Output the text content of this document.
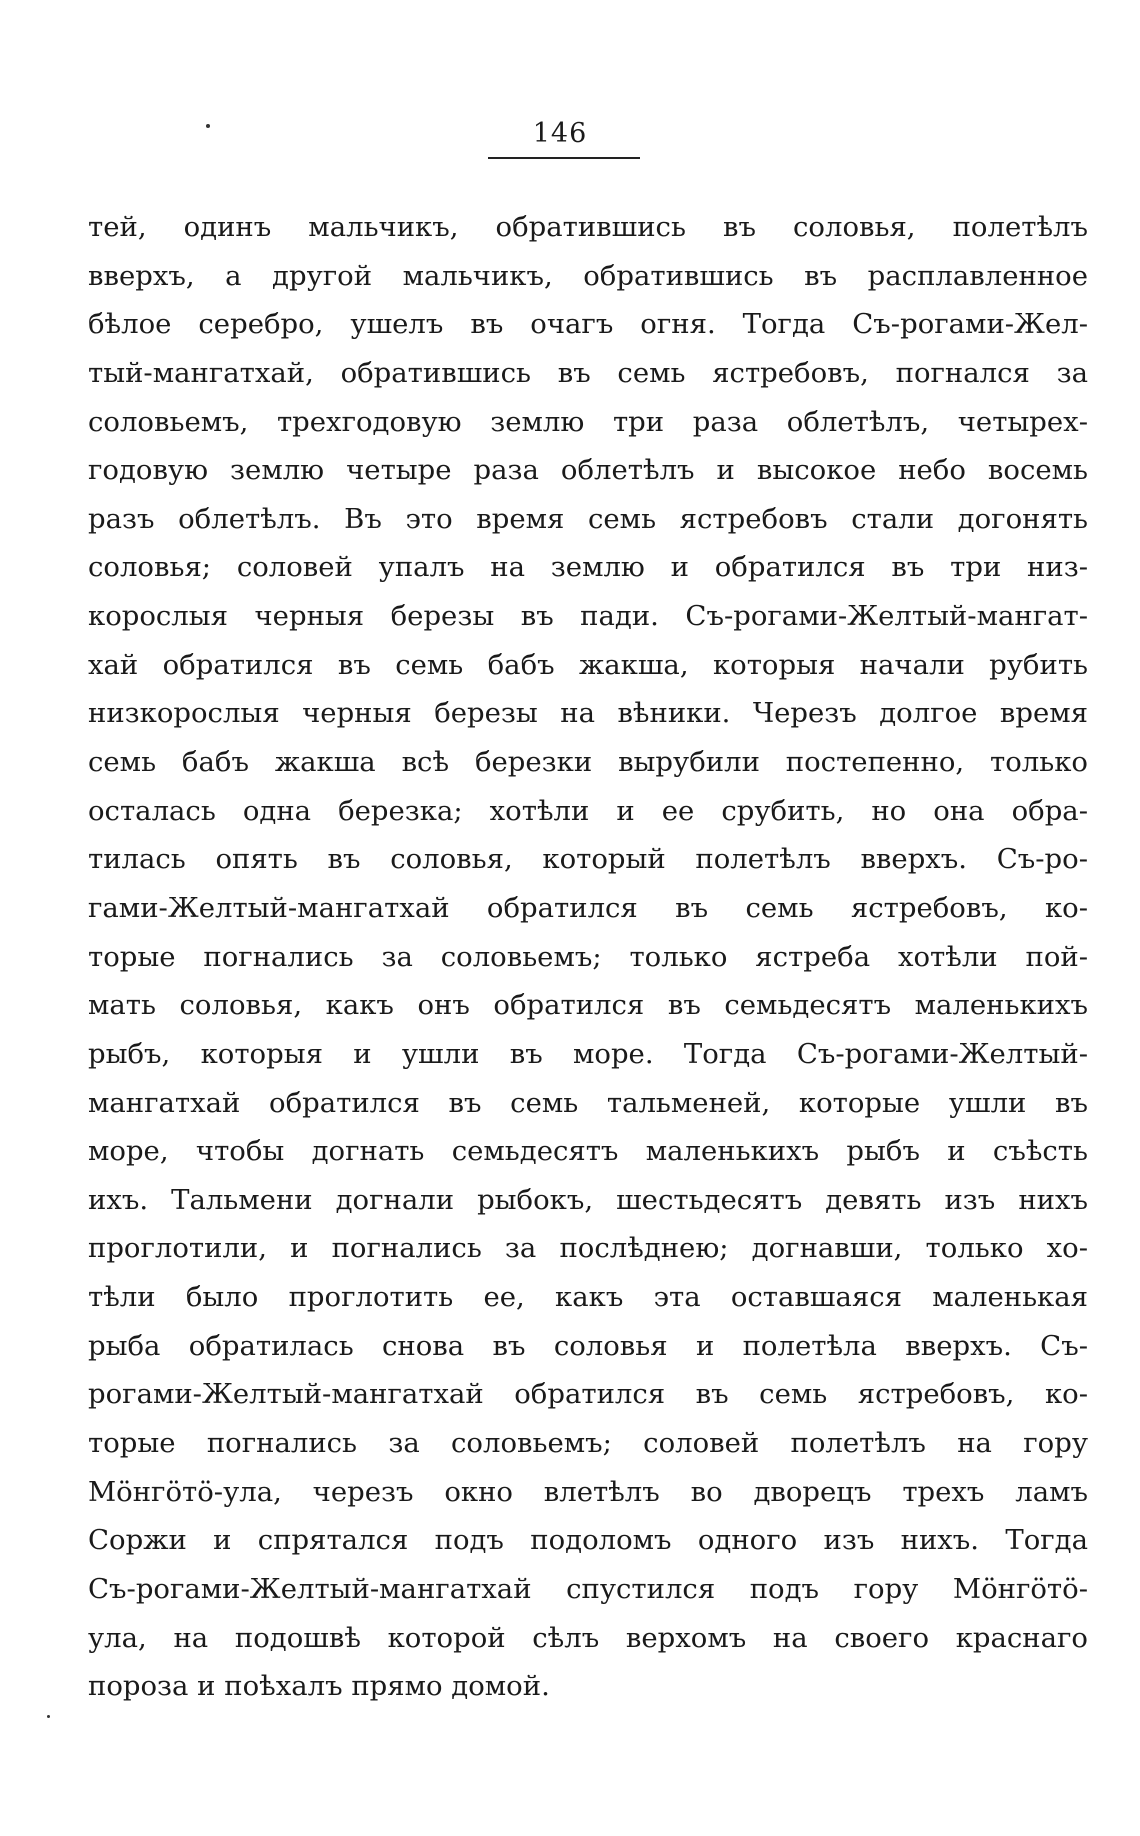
146
тей, одинъ мальчикъ, обратившись въ соловья, полетѣлъ
вверхъ, а другой мальчикъ, обратившись въ расплавленное
бѣлое серебро, ушелъ въ очагъ огня. Тогда Съ-рогами-Жел-
тый-мангатхай, обратившись въ семь ястребовъ, погнался за
соловьемъ, трехгодовую землю три раза облетѣлъ, четырех-
годовую землю четыре раза облетѣлъ и высокое небо восемь
разъ облетѣлъ. Въ это время семь ястребовъ стали догонять
соловья; соловей упалъ на землю и обратился въ три низ-
корослыя черныя березы въ пади. Съ-рогами-Желтый-мангат-
хай обратился въ семь бабъ жакша, которыя начали рубить
низкорослыя черныя березы на вѣники. Черезъ долгое время
семь бабъ жакша всѣ березки вырубили постепенно, только
осталась одна березка; хотѣли и ее срубить, но она обра-
тилась опять въ соловья, который полетѣлъ вверхъ. Съ-ро-
гами-Желтый-мангатхай обратился въ семь ястребовъ, ко-
торые погнались за соловьемъ; только ястреба хотѣли пой-
мать соловья, какъ онъ обратился въ семьдесятъ маленькихъ
рыбъ, которыя и ушли въ море. Тогда Съ-рогами-Желтый-
мангатхай обратился въ семь тальменей, которые ушли въ
море, чтобы догнать семьдесятъ маленькихъ рыбъ и съѣсть
ихъ. Тальмени догнали рыбокъ, шестьдесятъ девять изъ нихъ
проглотили, и погнались за послѣднею; догнавши, только хо-
тѣли было проглотить ее, какъ эта оставшаяся маленькая
рыба обратилась снова въ соловья и полетѣла вверхъ. Съ-
рогами-Желтый-мангатхай обратился въ семь ястребовъ, ко-
торые погнались за соловьемъ; соловей полетѣлъ на гору
Мöнгöтö-ула, черезъ окно влетѣлъ во дворецъ трехъ ламъ
Соржи и спрятался подъ подоломъ одного изъ нихъ. Тогда
Съ-рогами-Желтый-мангатхай спустился подъ гору Мöнгöтö-
ула, на подошвѣ которой сѣлъ верхомъ на своего краснаго
пороза и поѣхалъ прямо домой.
